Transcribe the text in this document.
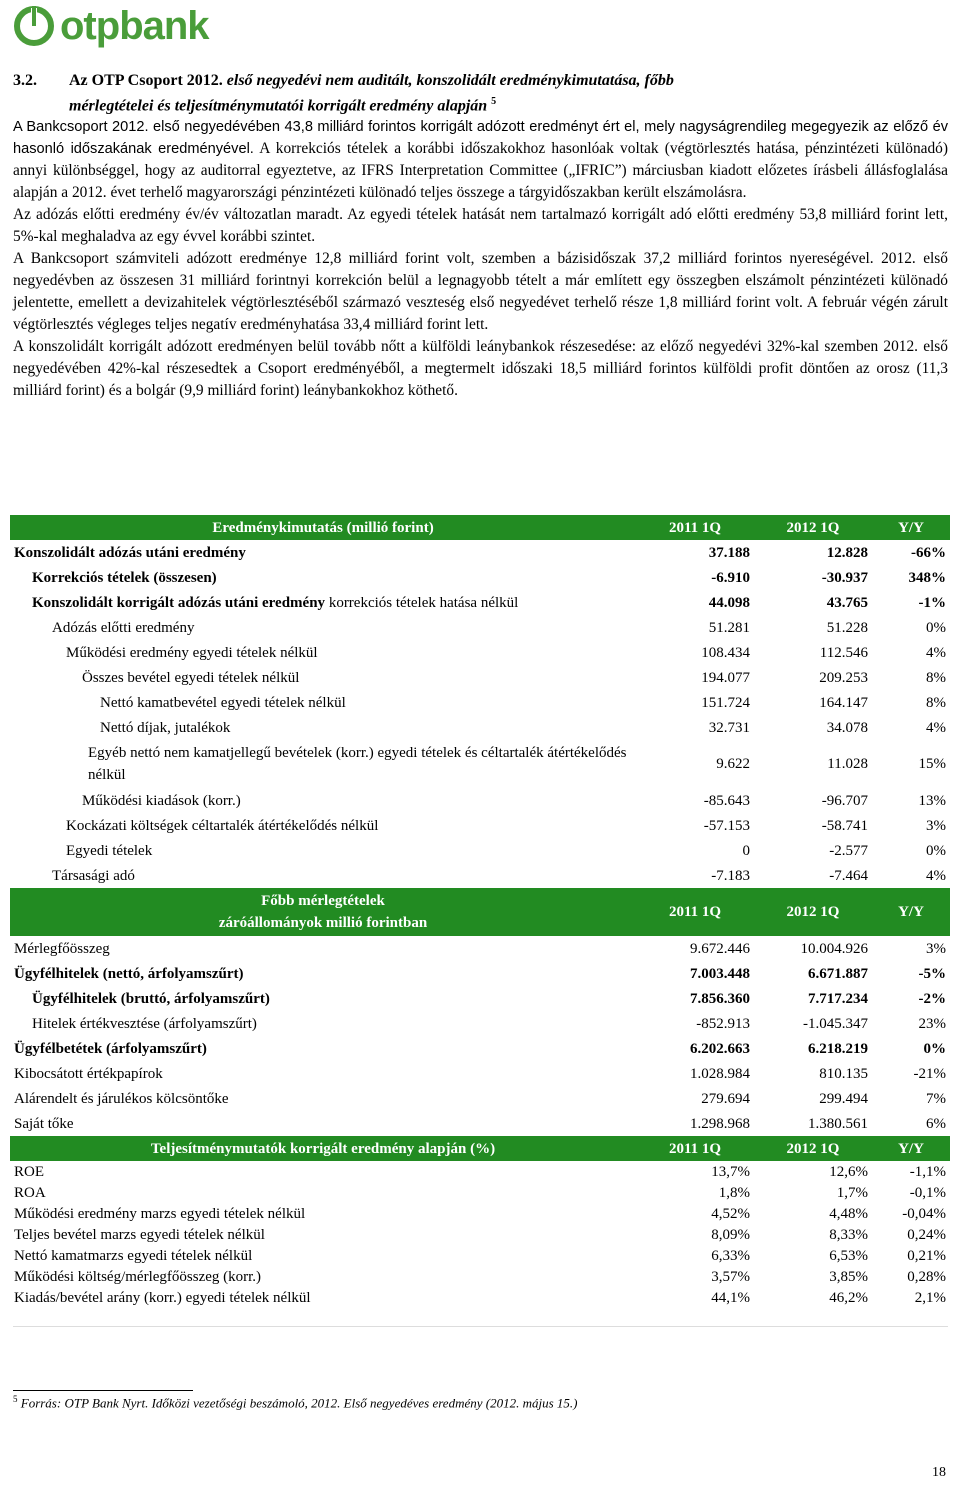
otpbank
3.2. Az OTP Csoport 2012. első negyedévi nem auditált, konszolidált eredménykimutatása, főbb
mérlegtételei és teljesítménymutatói korrigált eredmény alapján $^5$

A Bankcsoport 2012. első negyedévében 43,8 milliárd forintos korrigált adózott eredményt ért el, mely nagyságrendileg megegyezik az előző év hasonló időszakának eredményével. A korrekciós tételek a korábbi időszakokhoz hasonlóak voltak (végtörlesztés hatása, pénzintézeti különadó) annyi különbséggel, hogy az auditorral egyeztetve, az IFRS Interpretation Committee („IFRIC”) márciusban kiadott előzetes írásbeli állásfoglalása alapján a 2012. évet terhelő magyarországi pénzintézeti különadó teljes összege a tárgyidőszakban került elszámolásra.

Az adózás előtti eredmény év/év változatlan maradt. Az egyedi tételek hatását nem tartalmazó korrigált adó előtti eredmény 53,8 milliárd forint lett, 5%-kal meghaladva az egy évvel korábbi szintet.

A Bankcsoport számviteli adózott eredménye 12,8 milliárd forint volt, szemben a bázisidőszak 37,2 milliárd forintos nyereségével. 2012. első negyedévben az összesen 31 milliárd forintnyi korrekción belül a legnagyobb tételt a már említett egy összegben elszámolt pénzintézeti különadó jelentette, emellett a devizahitelek végtörlesztéséből származó veszteség első negyedévet terhelő része 1,8 milliárd forint volt. A február végén zárult végtörlesztés végleges teljes negatív eredményhatása 33,4 milliárd forint lett.

A konszolidált korrigált adózott eredményen belül tovább nőtt a külföldi leánybankok részesedése: az előző negyedévi 32%-kal szemben 2012. első negyedévében 42%-kal részesedtek a Csoport eredményéből, a megtermelt időszaki 18,5 milliárd forintos külföldi profit döntően az orosz (11,3 milliárd forint) és a bolgár (9,9 milliárd forint) leánybankokhoz köthető.

Eredménykimutatás (millió forint)	2011 1Q	2012 1Q	Y/Y
Konszolidált adózás utáni eredmény	37.188	12.828	-66%
Korrekciós tételek (összesen)	-6.910	-30.937	348%
Konszolidált korrigált adózás utáni eredmény korrekciós tételek hatása nélkül	44.098	43.765	-1%
Adózás előtti eredmény	51.281	51.228	0%
Működési eredmény egyedi tételek nélkül	108.434	112.546	4%
Összes bevétel egyedi tételek nélkül	194.077	209.253	8%
Nettó kamatbevétel egyedi tételek nélkül	151.724	164.147	8%
Nettó díjak, jutalékok	32.731	34.078	4%
Egyéb nettó nem kamatjellegű bevételek (korr.) egyedi tételek és céltartalék átértékelődés nélkül	9.622	11.028	15%
Működési kiadások (korr.)	-85.643	-96.707	13%
Kockázati költségek céltartalék átértékelődés nélkül	-57.153	-58.741	3%
Egyedi tételek	0	-2.577	0%
Társasági adó	-7.183	-7.464	4%

Főbb mérlegtételek
záróállományok millió forintban	2011 1Q	2012 1Q	Y/Y
Mérlegfőösszeg	9.672.446	10.004.926	3%
Ügyfélhitelek (nettó, árfolyamszűrt)	7.003.448	6.671.887	-5%
Ügyfélhitelek (bruttó, árfolyamszűrt)	7.856.360	7.717.234	-2%
Hitelek értékvesztése (árfolyamszűrt)	-852.913	-1.045.347	23%
Ügyfélbetétek (árfolyamszűrt)	6.202.663	6.218.219	0%
Kibocsátott értékpapírok	1.028.984	810.135	-21%
Alárendelt és járulékos kölcsöntőke	279.694	299.494	7%
Saját tőke	1.298.968	1.380.561	6%
Teljesítménymutatók korrigált eredmény alapján (%)	2011 1Q	2012 1Q	Y/Y
ROE	13,7%	12,6%	-1,1%
ROA	1,8%	1,7%	-0,1%
Működési eredmény marzs egyedi tételek nélkül	4,52%	4,48%	-0,04%
Teljes bevétel marzs egyedi tételek nélkül	8,09%	8,33%	0,24%
Nettó kamatmarzs egyedi tételek nélkül	6,33%	6,53%	0,21%
Működési költség/mérlegfőösszeg (korr.)	3,57%	3,85%	0,28%
Kiadás/bevétel arány (korr.) egyedi tételek nélkül	44,1%	46,2%	2,1%
$^5$ Forrás: OTP Bank Nyrt. Időközi vezetőségi beszámoló, 2012. Első negyedéves eredmény (2012. május 15.)
18
